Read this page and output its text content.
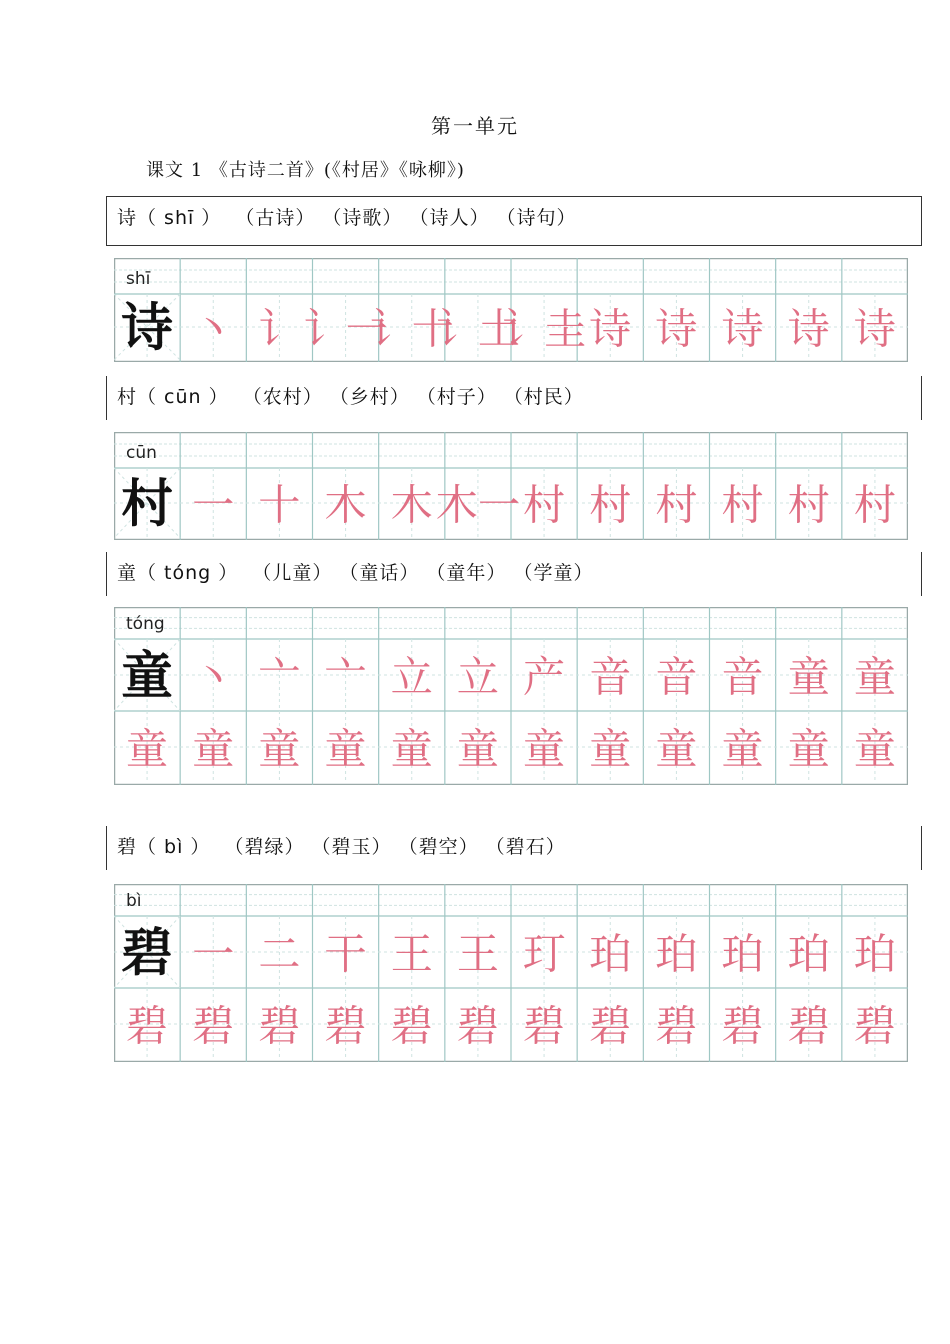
第一单元
课文 1 《古诗二首》(《村居》《咏柳》)
诗（ shī ）  （古诗） （诗歌） （诗人） （诗句）
shī
诗 丶 讠 讠一
讠十
讠土
讠圭 诗 诗 诗 诗 诗
村（ cūn ）  （农村） （乡村） （村子） （村民）
cūn
村 一 十 木 木 木一 村 村 村 村 村 村
童（ tóng ）  （儿童） （童话） （童年） （学童）
tóng
童 丶 亠 亠 立 立 产 音 音 音 童 童
童 童 童 童 童 童 童 童 童 童 童 童
碧（ bì ）  （碧绿） （碧玉） （碧空） （碧石）
bì
碧 一 二 干 王 王 玎 珀 珀 珀 珀 珀
碧 碧 碧 碧 碧 碧 碧 碧 碧 碧 碧 碧
